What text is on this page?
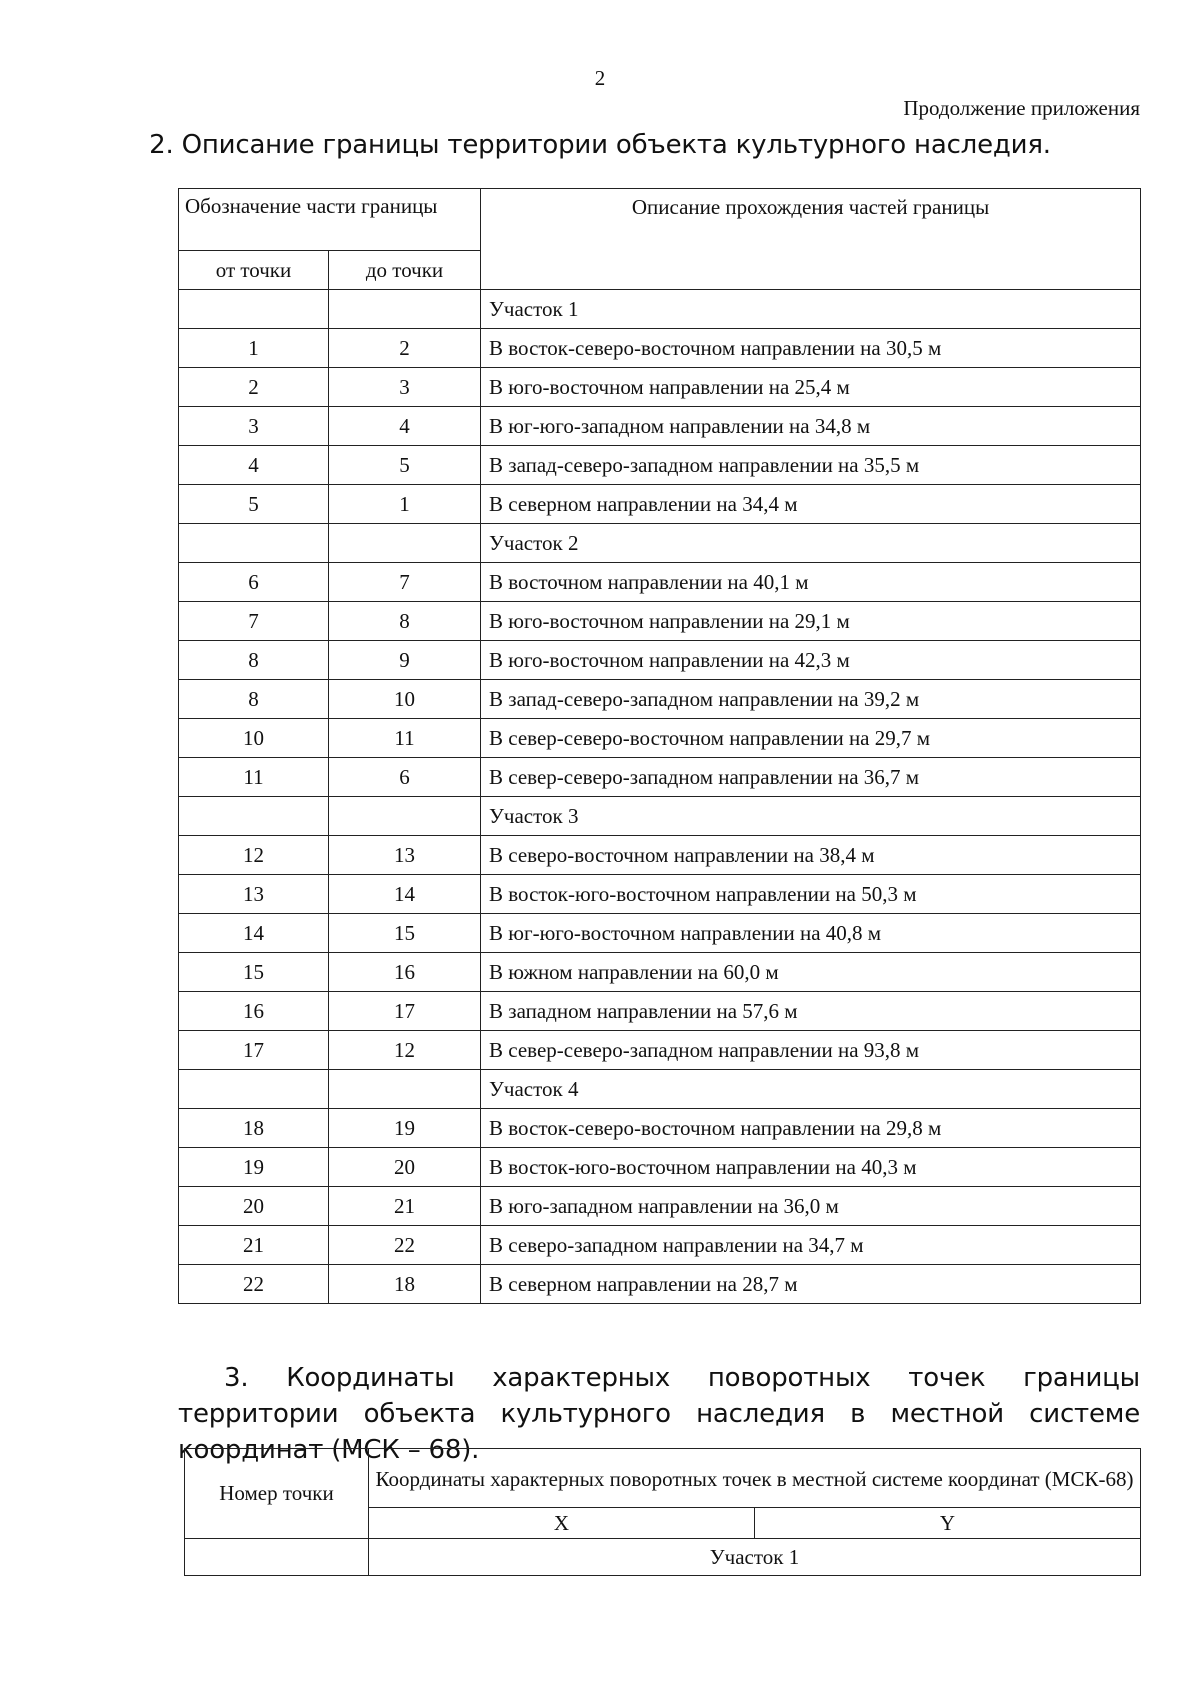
2
Продолжение приложения
2. Описание границы территории объекта культурного наследия.
Обозначение части границы		Описание прохождения частей границы
от точки	до точки	
		Участок 1
1	2	В восток-северо-восточном направлении на 30,5 м
2	3	В юго-восточном направлении на 25,4 м
3	4	В юг-юго-западном направлении на 34,8 м
4	5	В запад-северо-западном направлении на 35,5 м
5	1	В северном направлении на 34,4 м
		Участок 2
6	7	В восточном направлении на 40,1 м
7	8	В юго-восточном направлении на 29,1 м
8	9	В юго-восточном направлении на 42,3 м
8	10	В запад-северо-западном направлении на 39,2 м
10	11	В север-северо-восточном направлении на 29,7 м
11	6	В север-северо-западном направлении на 36,7 м
		Участок 3
12	13	В северо-восточном направлении на 38,4 м
13	14	В восток-юго-восточном направлении на 50,3 м
14	15	В юг-юго-восточном направлении на 40,8 м
15	16	В южном направлении на 60,0 м
16	17	В западном направлении на 57,6 м
17	12	В север-северо-западном направлении на 93,8 м
		Участок 4
18	19	В восток-северо-восточном направлении на 29,8 м
19	20	В восток-юго-восточном направлении на 40,3 м
20	21	В юго-западном направлении на 36,0 м
21	22	В северо-западном направлении на 34,7 м
22	18	В северном направлении на 28,7 м
3. Координаты характерных поворотных точек границы территории объекта культурного наследия в местной системе координат (МСК – 68).
Номер точки	Координаты характерных поворотных точек в местной системе координат (МСК-68)	
	X	Y
	Участок 1	
